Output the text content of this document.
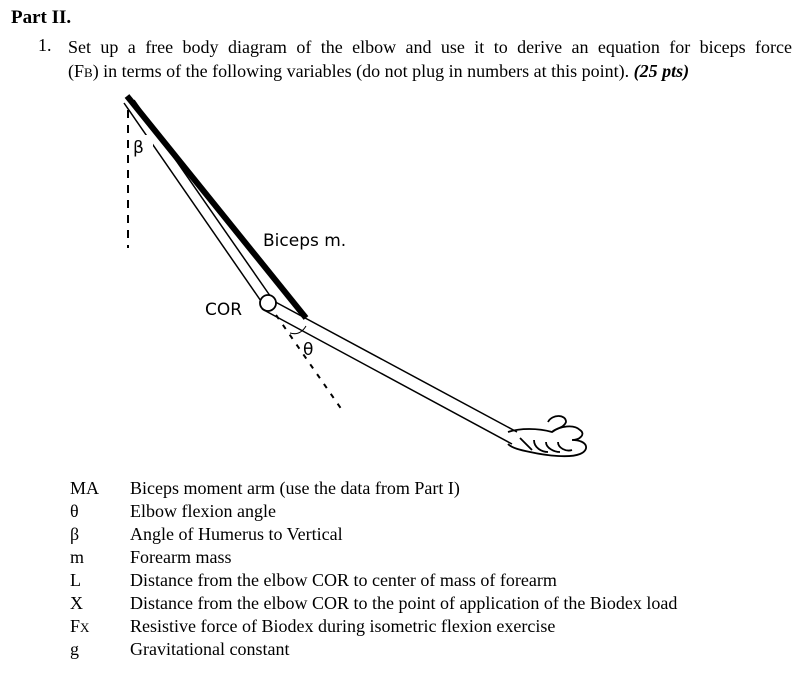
Part II.
1. Set up a free body diagram of the elbow and use it to derive an equation for biceps force
(FB) in terms of the following variables (do not plug in numbers at this point). (25 pts)
β
Biceps m.
COR
θ
MA Biceps moment arm (use the data from Part I)
θ	Elbow flexion angle
β	Angle of Humerus to Vertical
m	Forearm mass
L	Distance from the elbow COR to center of mass of forearm
X	Distance from the elbow COR to the point of application of the Biodex load
FX Resistive force of Biodex during isometric flexion exercise
g	Gravitational constant
